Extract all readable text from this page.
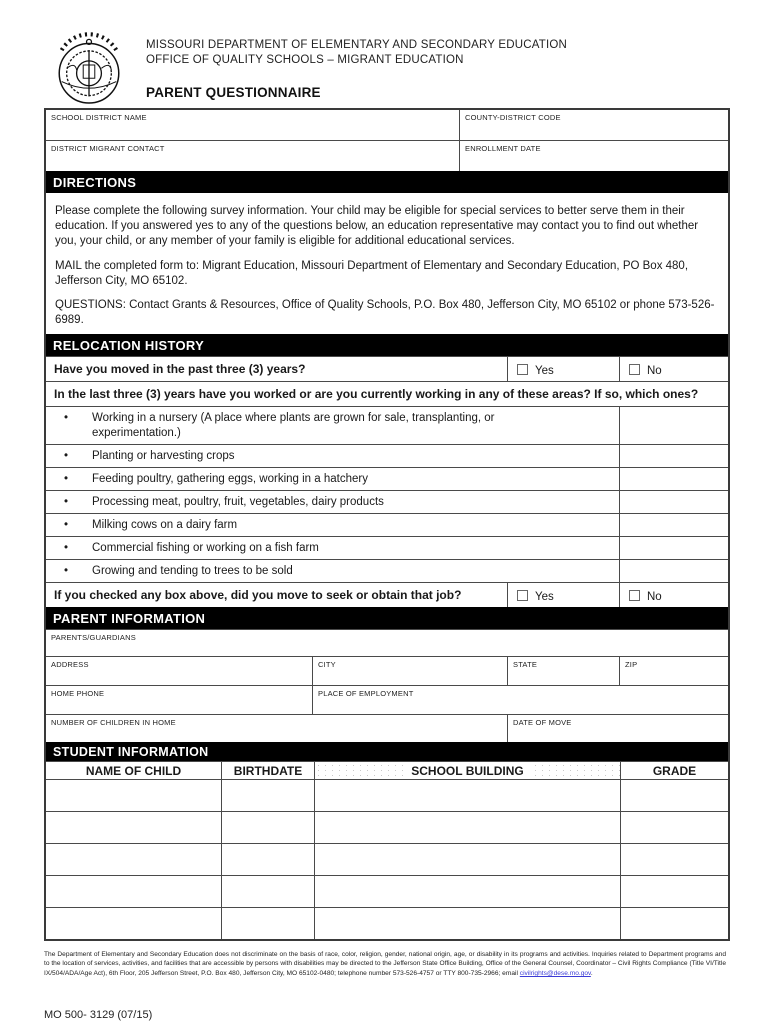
MISSOURI DEPARTMENT OF ELEMENTARY AND SECONDARY EDUCATION
OFFICE OF QUALITY SCHOOLS – MIGRANT EDUCATION
PARENT QUESTIONNAIRE
SCHOOL DISTRICT NAME	COUNTY-DISTRICT CODE
DISTRICT MIGRANT CONTACT	ENROLLMENT DATE
DIRECTIONS

Please complete the following survey information. Your child may be eligible for special services to better serve them in their education. If you answered yes to any of the questions below, an education representative may contact you to find out whether you, your child, or any member of your family is eligible for additional educational services.

MAIL the completed form to: Migrant Education, Missouri Department of Elementary and Secondary Education, PO Box 480, Jefferson City, MO 65102.

QUESTIONS: Contact Grants & Resources, Office of Quality Schools, P.O. Box 480, Jefferson City, MO 65102 or phone 573-526-6989.

RELOCATION HISTORY
Have you moved in the past three (3) years?	Yes	No
In the last three (3) years have you worked or are you currently working in any of these areas? If so, which ones?
•	Working in a nursery (A place where plants are grown for sale, transplanting, or experimentation.)
•	Planting or harvesting crops
•	Feeding poultry, gathering eggs, working in a hatchery
•	Processing meat, poultry, fruit, vegetables, dairy products
•	Milking cows on a dairy farm
•	Commercial fishing or working on a fish farm
•	Growing and tending to trees to be sold
If you checked any box above, did you move to seek or obtain that job?	Yes	No
PARENT INFORMATION
PARENTS/GUARDIANS
ADDRESS	CITY	STATE	ZIP
HOME PHONE	PLACE OF EMPLOYMENT
NUMBER OF CHILDREN IN HOME	DATE OF MOVE
STUDENT INFORMATION
NAME OF CHILD	BIRTHDATE	SCHOOL BUILDING	GRADE
The Department of Elementary and Secondary Education does not discriminate on the basis of race, color, religion, gender, national origin, age, or disability in its programs and activities. Inquiries related to Department programs and to the location of services, activities, and facilities that are accessible by persons with disabilities may be directed to the Jefferson State Office Building, Office of the General Counsel, Coordinator – Civil Rights Compliance (Title VI/Title IX/504/ADA/Age Act), 6th Floor, 205 Jefferson Street, P.O. Box 480, Jefferson City, MO 65102-0480; telephone number 573-526-4757 or TTY 800-735-2966; email civilrights@dese.mo.gov.
MO 500- 3129 (07/15)
